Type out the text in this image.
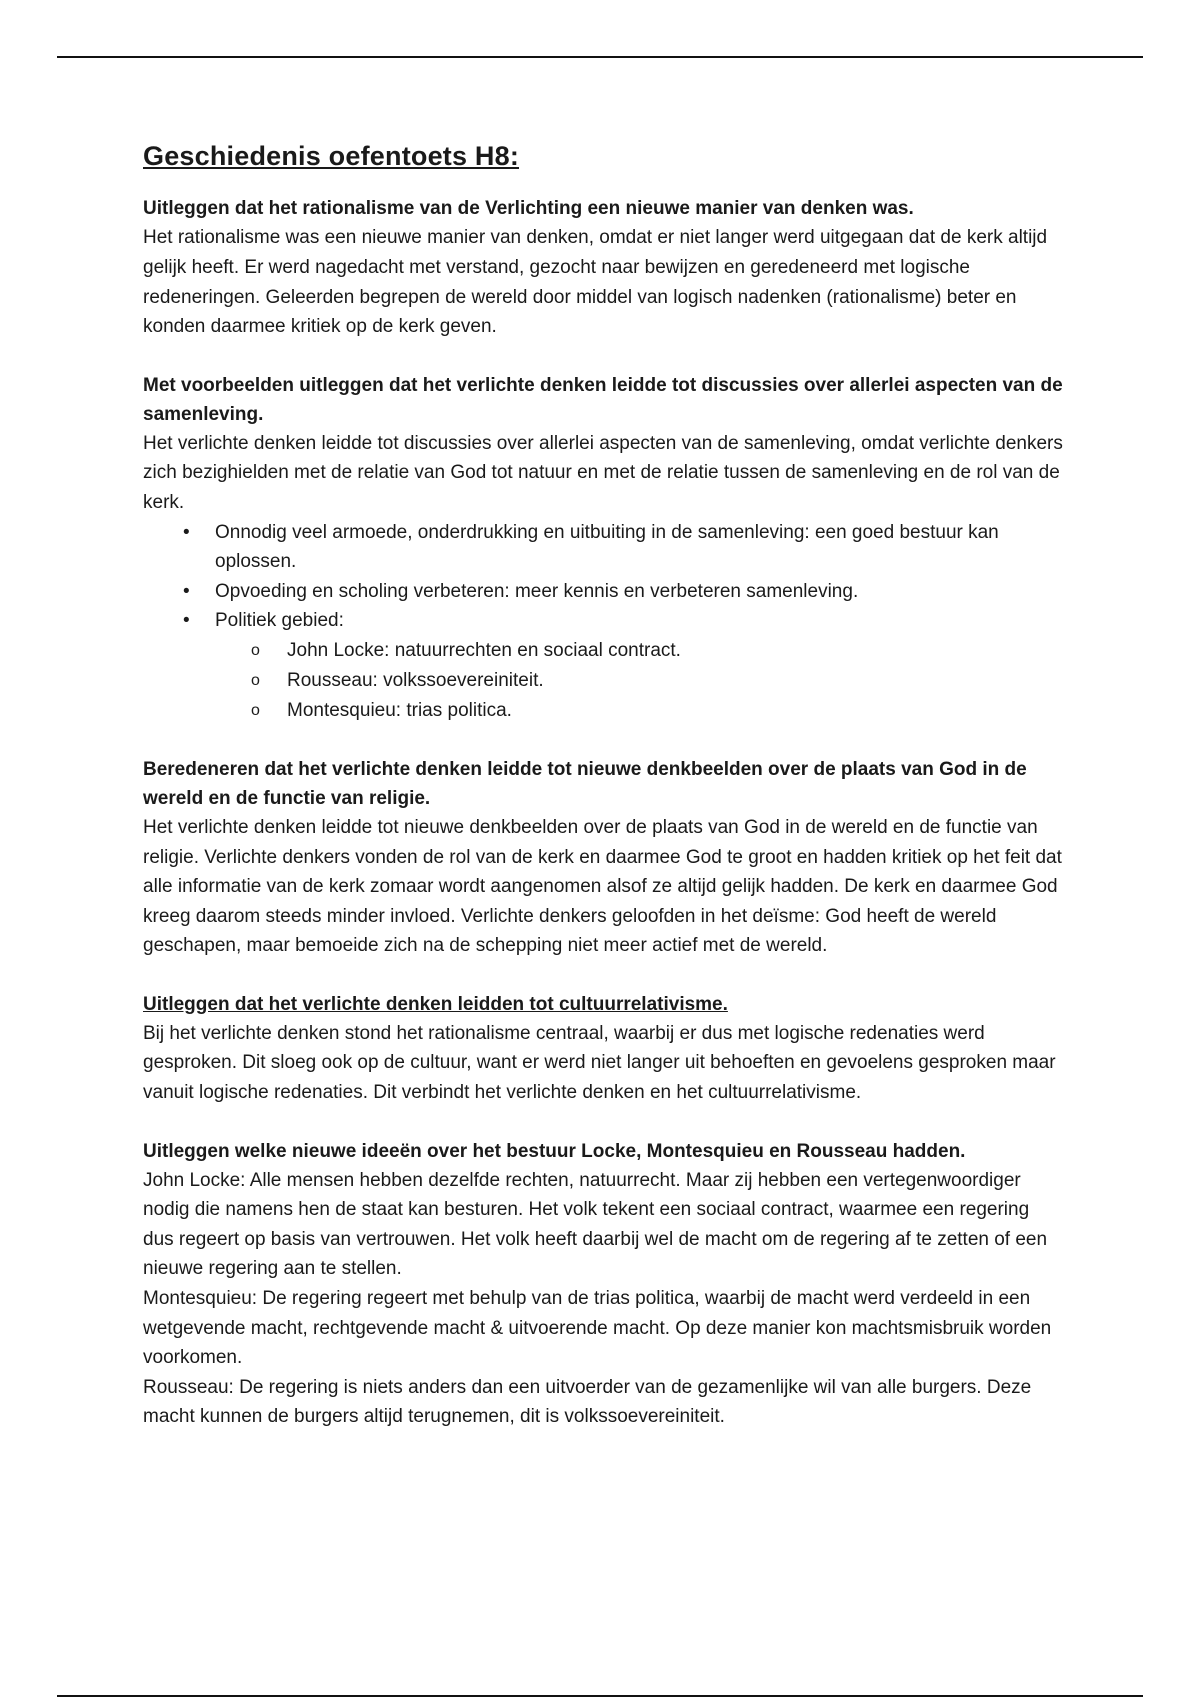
Geschiedenis oefentoets H8:

Uitleggen dat het rationalisme van de Verlichting een nieuwe manier van denken was.

Het rationalisme was een nieuwe manier van denken, omdat er niet langer werd uitgegaan dat de kerk altijd gelijk heeft. Er werd nagedacht met verstand, gezocht naar bewijzen en geredeneerd met logische redeneringen. Geleerden begrepen de wereld door middel van logisch nadenken (rationalisme) beter en konden daarmee kritiek op de kerk geven.

Met voorbeelden uitleggen dat het verlichte denken leidde tot discussies over allerlei aspecten van de samenleving.

Het verlichte denken leidde tot discussies over allerlei aspecten van de samenleving, omdat verlichte denkers zich bezighielden met de relatie van God tot natuur en met de relatie tussen de samenleving en de rol van de kerk.

• Onnodig veel armoede, onderdrukking en uitbuiting in de samenleving: een goed bestuur kan oplossen.
• Opvoeding en scholing verbeteren: meer kennis en verbeteren samenleving.
• Politiek gebied:
o John Locke: natuurrechten en sociaal contract.
o Rousseau: volkssoevereiniteit.
o Montesquieu: trias politica.

Beredeneren dat het verlichte denken leidde tot nieuwe denkbeelden over de plaats van God in de wereld en de functie van religie.

Het verlichte denken leidde tot nieuwe denkbeelden over de plaats van God in de wereld en de functie van religie. Verlichte denkers vonden de rol van de kerk en daarmee God te groot en hadden kritiek op het feit dat alle informatie van de kerk zomaar wordt aangenomen alsof ze altijd gelijk hadden. De kerk en daarmee God kreeg daarom steeds minder invloed. Verlichte denkers geloofden in het deïsme: God heeft de wereld geschapen, maar bemoeide zich na de schepping niet meer actief met de wereld.

Uitleggen dat het verlichte denken leidden tot cultuurrelativisme.

Bij het verlichte denken stond het rationalisme centraal, waarbij er dus met logische redenaties werd gesproken. Dit sloeg ook op de cultuur, want er werd niet langer uit behoeften en gevoelens gesproken maar vanuit logische redenaties. Dit verbindt het verlichte denken en het cultuurrelativisme.

Uitleggen welke nieuwe ideeën over het bestuur Locke, Montesquieu en Rousseau hadden.

John Locke: Alle mensen hebben dezelfde rechten, natuurrecht. Maar zij hebben een vertegenwoordiger nodig die namens hen de staat kan besturen. Het volk tekent een sociaal contract, waarmee een regering dus regeert op basis van vertrouwen. Het volk heeft daarbij wel de macht om de regering af te zetten of een nieuwe regering aan te stellen.

Montesquieu: De regering regeert met behulp van de trias politica, waarbij de macht werd verdeeld in een wetgevende macht, rechtgevende macht & uitvoerende macht. Op deze manier kon machtsmisbruik worden voorkomen.

Rousseau: De regering is niets anders dan een uitvoerder van de gezamenlijke wil van alle burgers. Deze macht kunnen de burgers altijd terugnemen, dit is volkssoevereiniteit.
